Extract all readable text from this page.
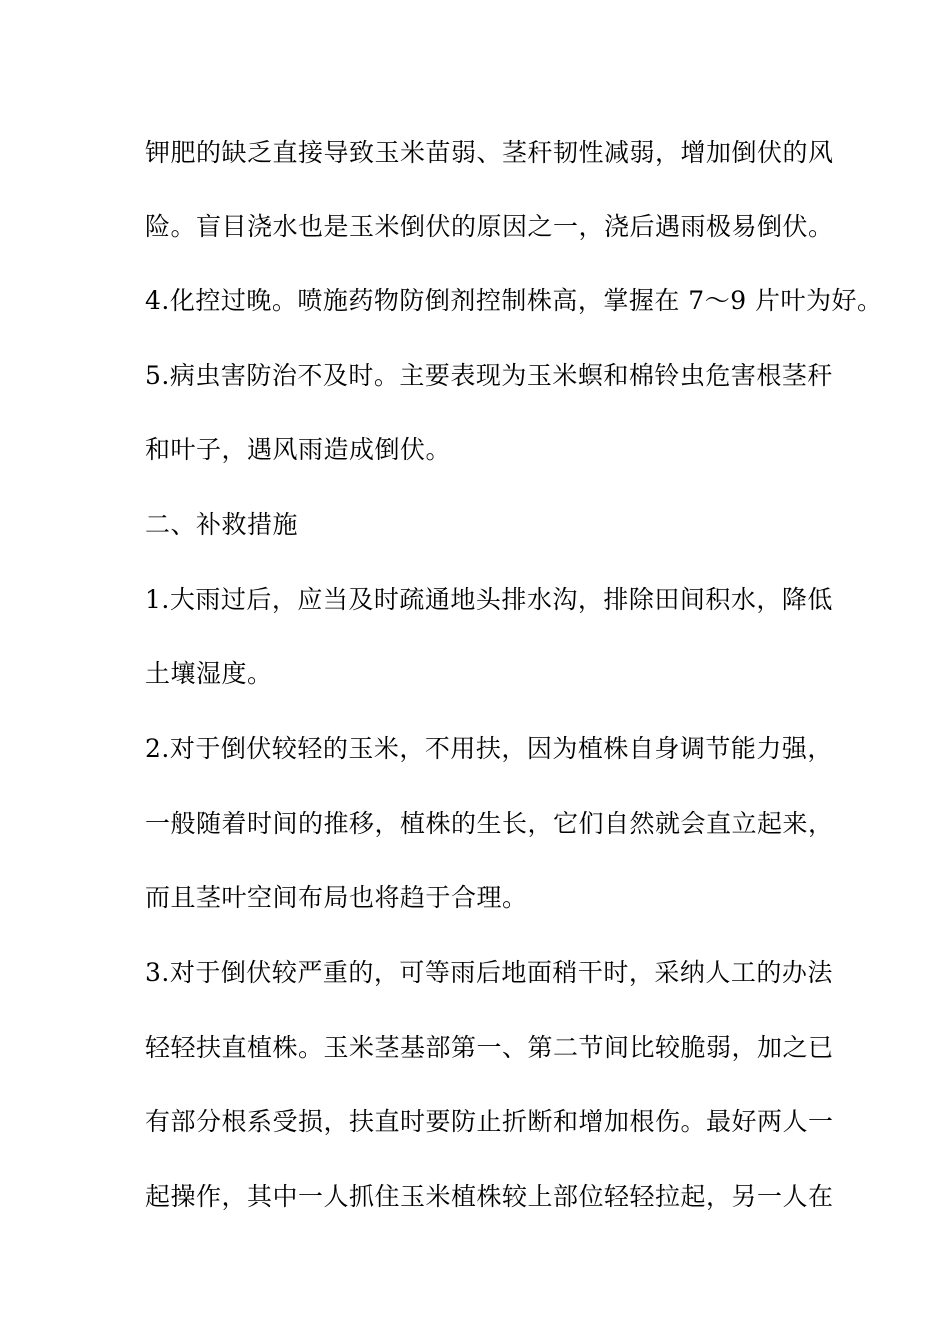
钾肥的缺乏直接导致玉米苗弱、茎秆韧性减弱，增加倒伏的风
险。盲目浇水也是玉米倒伏的原因之一，浇后遇雨极易倒伏。
4.化控过晚。喷施药物防倒剂控制株高，掌握在 7～9 片叶为好。
5.病虫害防治不及时。主要表现为玉米螟和棉铃虫危害根茎秆
和叶子，遇风雨造成倒伏。
二、补救措施
1.大雨过后，应当及时疏通地头排水沟，排除田间积水，降低
土壤湿度。
2.对于倒伏较轻的玉米，不用扶，因为植株自身调节能力强，
一般随着时间的推移，植株的生长，它们自然就会直立起来，
而且茎叶空间布局也将趋于合理。
3.对于倒伏较严重的，可等雨后地面稍干时，采纳人工的办法
轻轻扶直植株。玉米茎基部第一、第二节间比较脆弱，加之已
有部分根系受损，扶直时要防止折断和增加根伤。最好两人一
起操作，其中一人抓住玉米植株较上部位轻轻拉起，另一人在
